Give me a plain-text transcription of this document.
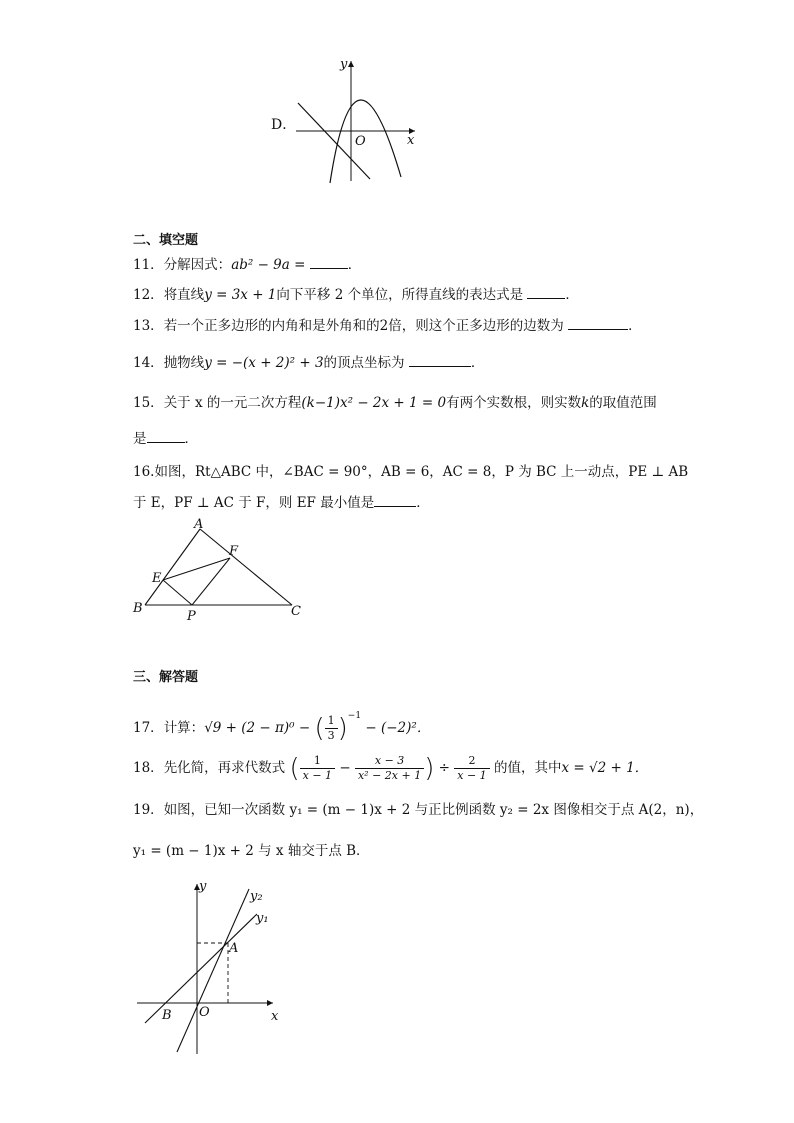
D．
y
x
O
二、填空题
11．分解因式：ab² − 9a =	．
12．将直线y = 3x + 1向下平移 2 个单位，所得直线的表达式是	．
13．若一个正多边形的内角和是外角和的2倍，则这个正多边形的边数为	．
14．抛物线y = −(x + 2)² + 3的顶点坐标为	．
15．关于 x 的一元二次方程(k−1)x² − 2x + 1 = 0有两个实数根，则实数k的取值范围
是	．
16.如图，Rt△ABC 中，∠BAC = 90°，AB = 6，AC = 8，P 为 BC 上一动点，PE ⊥ AB
于 E，PF ⊥ AC 于 F，则 EF 最小值是	．
A
F
E
B
P	C
三、解答题
17．计算：√9 + (2 − π)⁰ − ( $\frac{1}{3} )^{-1} - (-2)^2$．
18．先化简，再求代数式 ( $\frac{1}{x - 1} - \frac{x - 3}{\text{x² − 2x + 1}}$ ) ÷ $\frac{2}{x - 1}$ 的值，其中x = √2 + 1．
19．如图，已知一次函数 y₁ = (m − 1)x + 2 与正比例函数 y₂ = 2x 图像相交于点 A(2，n)，
y₁ = (m − 1)x + 2 与 x 轴交于点 B．
y
y₂
y₁
A
B O	x
